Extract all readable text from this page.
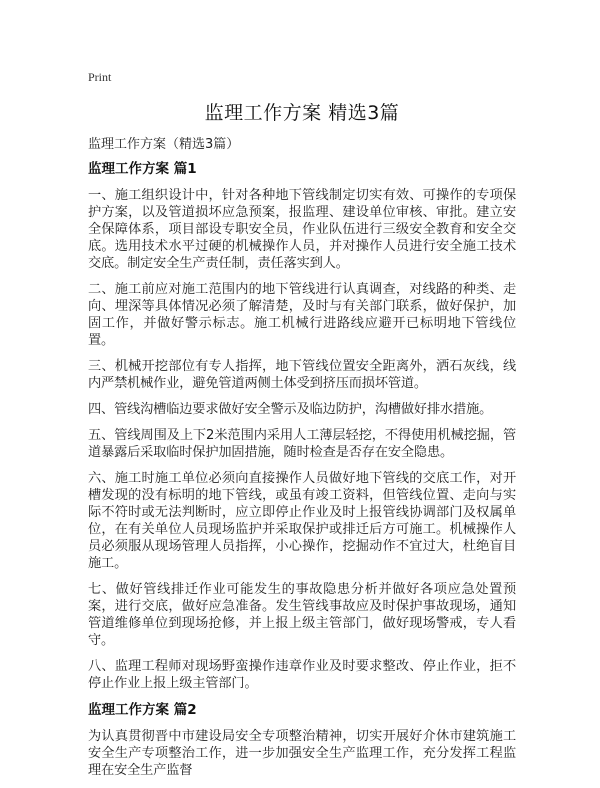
Print
监理工作方案 精选3篇
监理工作方案（精选3篇）
监理工作方案 篇1

一、施工组织设计中，针对各种地下管线制定切实有效、可操作的专项保护方案，以及管道损坏应急预案，报监理、建设单位审核、审批。建立安全保障体系，项目部设专职安全员，作业队伍进行三级安全教育和安全交底。选用技术水平过硬的机械操作人员，并对操作人员进行安全施工技术交底。制定安全生产责任制，责任落实到人。

二、施工前应对施工范围内的地下管线进行认真调查，对线路的种类、走向、埋深等具体情况必须了解清楚，及时与有关部门联系，做好保护，加固工作，并做好警示标志。施工机械行进路线应避开已标明地下管线位置。

三、机械开挖部位有专人指挥，地下管线位置安全距离外，洒石灰线，线内严禁机械作业，避免管道两侧土体受到挤压而损坏管道。

四、管线沟槽临边要求做好安全警示及临边防护，沟槽做好排水措施。

五、管线周围及上下2米范围内采用人工薄层轻挖，不得使用机械挖掘，管道暴露后采取临时保护加固措施，随时检查是否存在安全隐患。

六、施工时施工单位必须向直接操作人员做好地下管线的交底工作，对开槽发现的没有标明的地下管线，或虽有竣工资料，但管线位置、走向与实际不符时或无法判断时，应立即停止作业及时上报管线协调部门及权属单位，在有关单位人员现场监护并采取保护或排迁后方可施工。机械操作人员必须服从现场管理人员指挥，小心操作，挖掘动作不宜过大，杜绝盲目施工。

七、做好管线排迁作业可能发生的事故隐患分析并做好各项应急处置预案，进行交底，做好应急准备。发生管线事故应及时保护事故现场，通知管道维修单位到现场抢修，并上报上级主管部门，做好现场警戒，专人看守。

八、监理工程师对现场野蛮操作违章作业及时要求整改、停止作业，拒不停止作业上报上级主管部门。

监理工作方案 篇2

为认真贯彻晋中市建设局安全专项整治精神，切实开展好介休市建筑施工安全生产专项整治工作，进一步加强安全生产监理工作，充分发挥工程监理在安全生产监督
